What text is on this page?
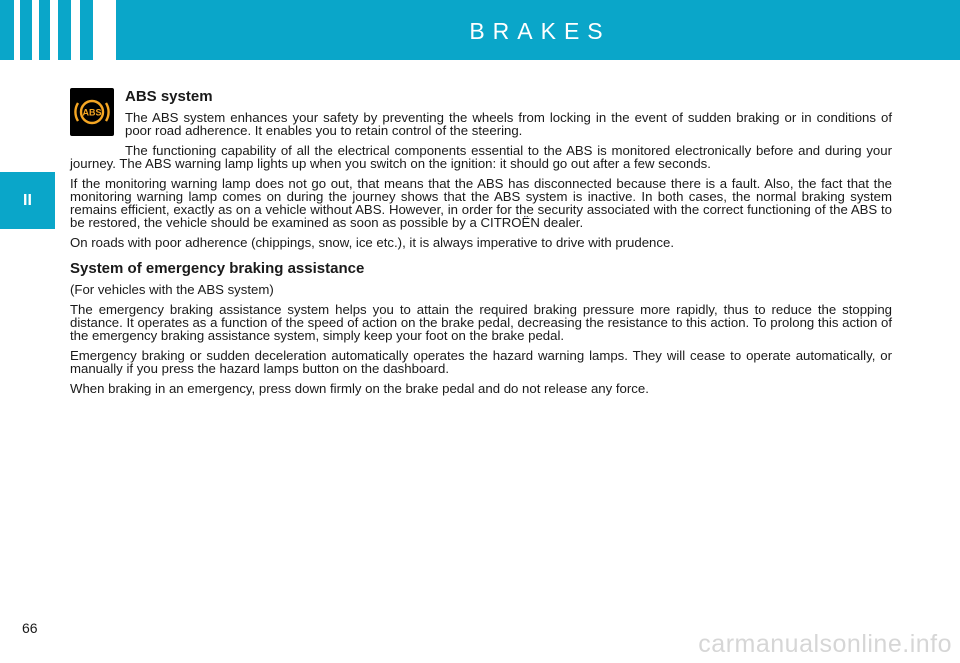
BRAKES
II
ABS
ABS system

The ABS system enhances your safety by preventing the wheels from locking in the event of sudden braking or in conditions of poor road adherence. It enables you to retain control of the steering.

The functioning capability of all the electrical components essential to the ABS is monitored electronically before and during your journey. The ABS warning lamp lights up when you switch on the ignition: it should go out after a few seconds.

If the monitoring warning lamp does not go out, that means that the ABS has disconnected because there is a fault. Also, the fact that the monitoring warning lamp comes on during the journey shows that the ABS system is inactive. In both cases, the normal braking system remains efficient, exactly as on a vehicle without ABS. However, in order for the security associated with the correct functioning of the ABS to be restored, the vehicle should be examined as soon as possible by a CITROËN dealer.

On roads with poor adherence (chippings, snow, ice etc.), it is always imperative to drive with prudence.

System of emergency braking assistance

(For vehicles with the ABS system)

The emergency braking assistance system helps you to attain the required braking pressure more rapidly, thus to reduce the stopping distance. It operates as a function of the speed of action on the brake pedal, decreasing the resistance to this action. To prolong this action of the emergency braking assistance system, simply keep your foot on the brake pedal.

Emergency braking or sudden deceleration automatically operates the hazard warning lamps. They will cease to operate automatically, or manually if you press the hazard lamps button on the dashboard.

When braking in an emergency, press down firmly on the brake pedal and do not release any force.

66
carmanualsonline.info
